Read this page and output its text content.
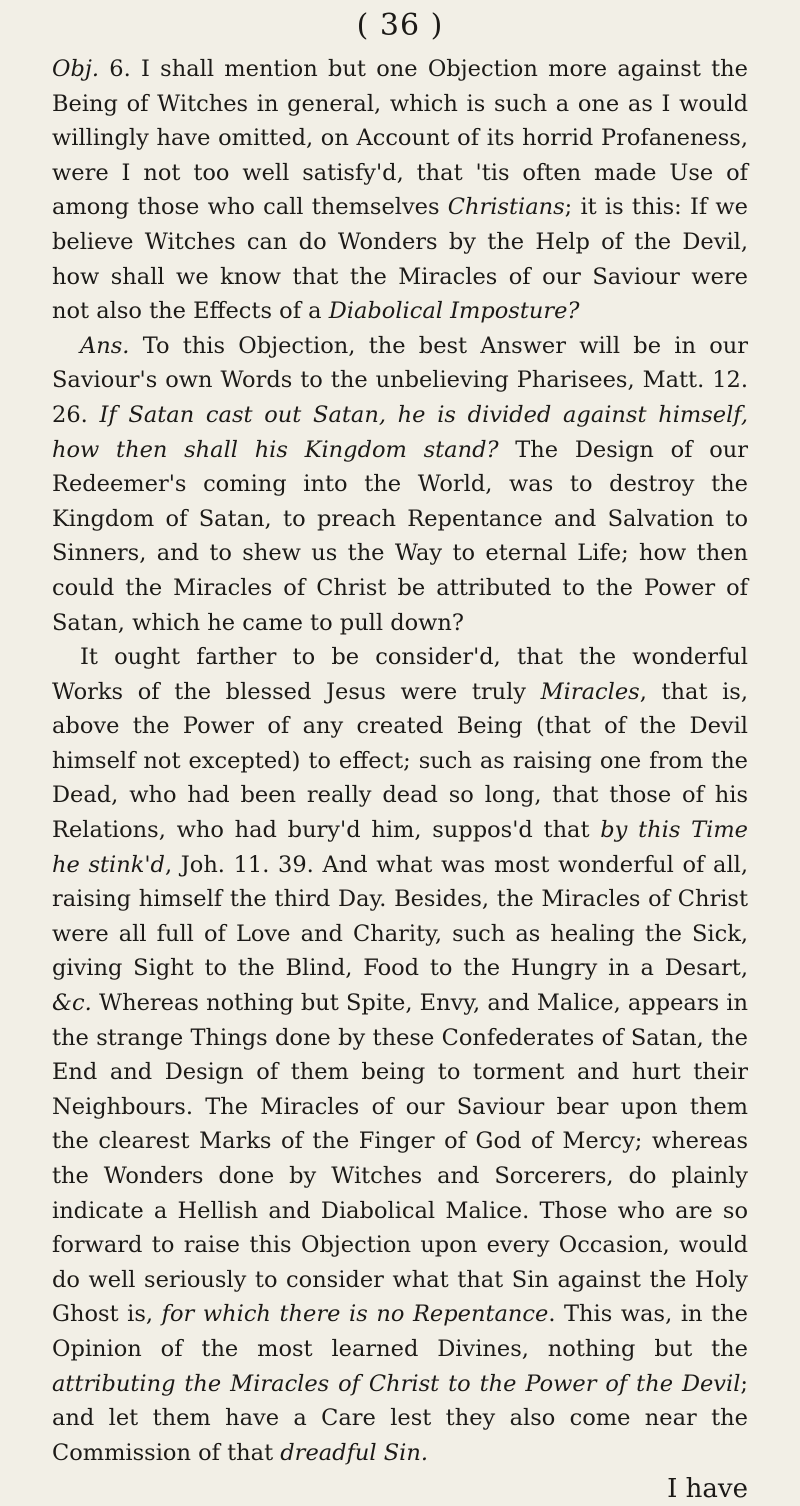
( 36 )

Obj. 6. I shall mention but one Objection more against the Being of Witches in general, which is such a one as I would willingly have omitted, on Account of its horrid Profaneness, were I not too well satisfy'd, that 'tis often made Use of among those who call themselves Christians; it is this: If we believe Witches can do Wonders by the Help of the Devil, how shall we know that the Miracles of our Saviour were not also the Effects of a Diabolical Imposture?

Ans. To this Objection, the best Answer will be in our Saviour's own Words to the unbelieving Pharisees, Matt. 12. 26. If Satan cast out Satan, he is divided against himself, how then shall his Kingdom stand? The Design of our Redeemer's coming into the World, was to destroy the Kingdom of Satan, to preach Repentance and Salvation to Sinners, and to shew us the Way to eternal Life; how then could the Miracles of Christ be attributed to the Power of Satan, which he came to pull down?

It ought farther to be consider'd, that the wonderful Works of the blessed Jesus were truly Miracles, that is, above the Power of any created Being (that of the Devil himself not excepted) to effect; such as raising one from the Dead, who had been really dead so long, that those of his Relations, who had bury'd him, suppos'd that by this Time he stink'd, Joh. 11. 39. And what was most wonderful of all, raising himself the third Day. Besides, the Miracles of Christ were all full of Love and Charity, such as healing the Sick, giving Sight to the Blind, Food to the Hungry in a Desart, &c. Whereas nothing but Spite, Envy, and Malice, appears in the strange Things done by these Confederates of Satan, the End and Design of them being to torment and hurt their Neighbours. The Miracles of our Saviour bear upon them the clearest Marks of the Finger of God of Mercy; whereas the Wonders done by Witches and Sorcerers, do plainly indicate a Hellish and Diabolical Malice. Those who are so forward to raise this Objection upon every Occasion, would do well seriously to consider what that Sin against the Holy Ghost is, for which there is no Repentance. This was, in the Opinion of the most learned Divines, nothing but the attributing the Miracles of Christ to the Power of the Devil; and let them have a Care lest they also come near the Commission of that dreadful Sin.

I have
